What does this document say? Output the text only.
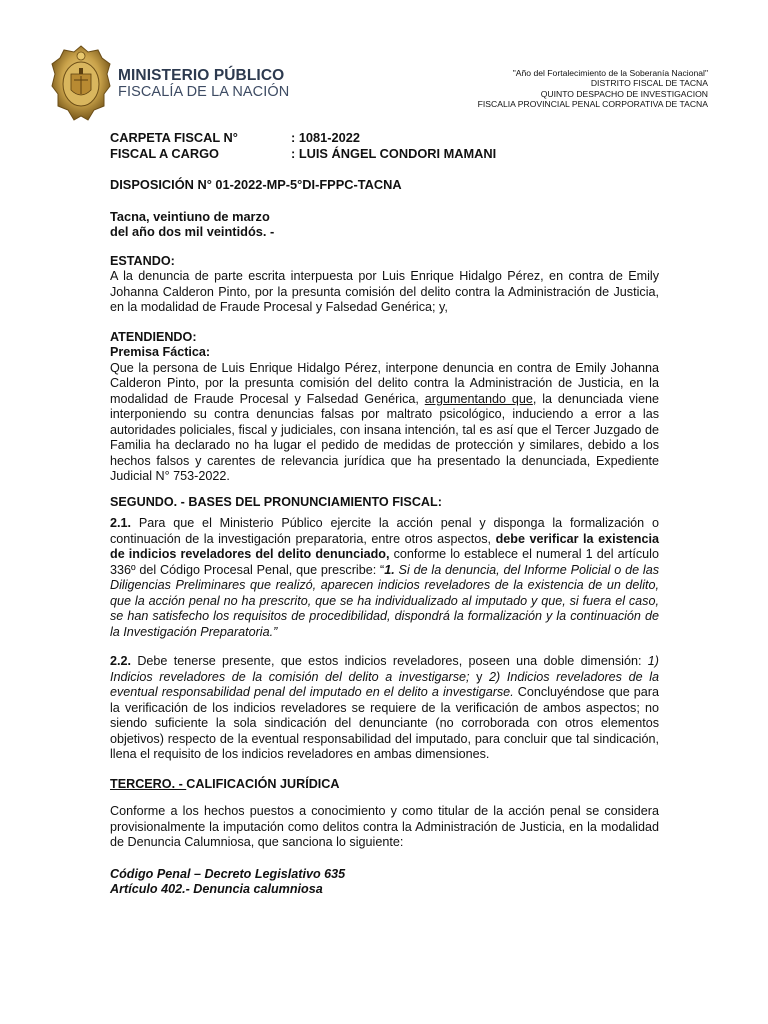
MINISTERIO PÚBLICO
FISCALÍA DE LA NACIÓN
"Año del Fortalecimiento de la Soberanía Nacional"
DISTRITO FISCAL DE TACNA
QUINTO DESPACHO DE INVESTIGACION
FISCALIA PROVINCIAL PENAL CORPORATIVA DE TACNA
CARPETA FISCAL N°	: 1081-2022
FISCAL A CARGO	: LUIS ÁNGEL CONDORI MAMANI

DISPOSICIÓN N° 01-2022-MP-5°DI-FPPC-TACNA

Tacna, veintiuno de marzo

del año dos mil veintidós. -

ESTANDO:

A la denuncia de parte escrita interpuesta por Luis Enrique Hidalgo Pérez, en contra de Emily Johanna Calderon Pinto, por la presunta comisión del delito contra la Administración de Justicia, en la modalidad de Fraude Procesal y Falsedad Genérica; y,

ATENDIENDO:

Premisa Fáctica:

Que la persona de Luis Enrique Hidalgo Pérez, interpone denuncia en contra de Emily Johanna Calderon Pinto, por la presunta comisión del delito contra la Administración de Justicia, en la modalidad de Fraude Procesal y Falsedad Genérica, argumentando que, la denunciada viene interponiendo su contra denuncias falsas por maltrato psicológico, induciendo a error a las autoridades policiales, fiscal y judiciales, con insana intención, tal es así que el Tercer Juzgado de Familia ha declarado no ha lugar el pedido de medidas de protección y similares, debido a los hechos falsos y carentes de relevancia jurídica que ha presentado la denunciada, Expediente Judicial N° 753-2022.

SEGUNDO. - BASES DEL PRONUNCIAMIENTO FISCAL:

2.1. Para que el Ministerio Público ejercite la acción penal y disponga la formalización o continuación de la investigación preparatoria, entre otros aspectos, debe verificar la existencia de indicios reveladores del delito denunciado, conforme lo establece el numeral 1 del artículo 336º del Código Procesal Penal, que prescribe: “1. Si de la denuncia, del Informe Policial o de las Diligencias Preliminares que realizó, aparecen indicios reveladores de la existencia de un delito, que la acción penal no ha prescrito, que se ha individualizado al imputado y que, si fuera el caso, se han satisfecho los requisitos de procedibilidad, dispondrá la formalización y la continuación de la Investigación Preparatoria.”

2.2. Debe tenerse presente, que estos indicios reveladores, poseen una doble dimensión: 1) Indicios reveladores de la comisión del delito a investigarse; y 2) Indicios reveladores de la eventual responsabilidad penal del imputado en el delito a investigarse. Concluyéndose que para la verificación de los indicios reveladores se requiere de la verificación de ambos aspectos; no siendo suficiente la sola sindicación del denunciante (no corroborada con otros elementos objetivos) respecto de la eventual responsabilidad del imputado, para concluir que tal sindicación, llena el requisito de los indicios reveladores en ambas dimensiones.

TERCERO. - CALIFICACIÓN JURÍDICA

Conforme a los hechos puestos a conocimiento y como titular de la acción penal se considera provisionalmente la imputación como delitos contra la Administración de Justicia, en la modalidad de Denuncia Calumniosa, que sanciona lo siguiente:

Código Penal – Decreto Legislativo 635

Artículo 402.- Denuncia calumniosa
